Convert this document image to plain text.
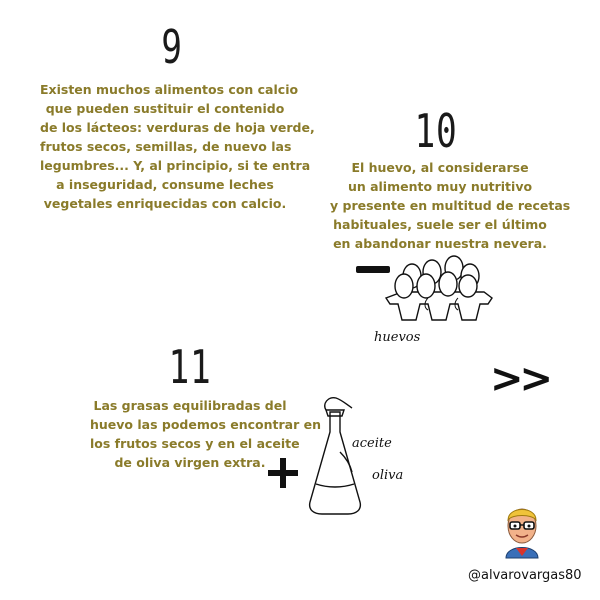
9
Existen muchos alimentos con calcio
que pueden sustituir el contenido
de los lácteos: verduras de hoja verde,
frutos secos, semillas, de nuevo las
legumbres... Y, al principio, si te entra
a inseguridad, consume leches
vegetales enriquecidas con calcio.
10
El huevo, al considerarse
un alimento muy nutritivo
y presente en multitud de recetas
habituales, suele ser el último
en abandonar nuestra nevera.
huevos
>>
11
Las grasas equilibradas del
huevo las podemos encontrar en
los frutos secos y en el aceite
de oliva virgen extra.
aceite
oliva
@alvarovargas80
